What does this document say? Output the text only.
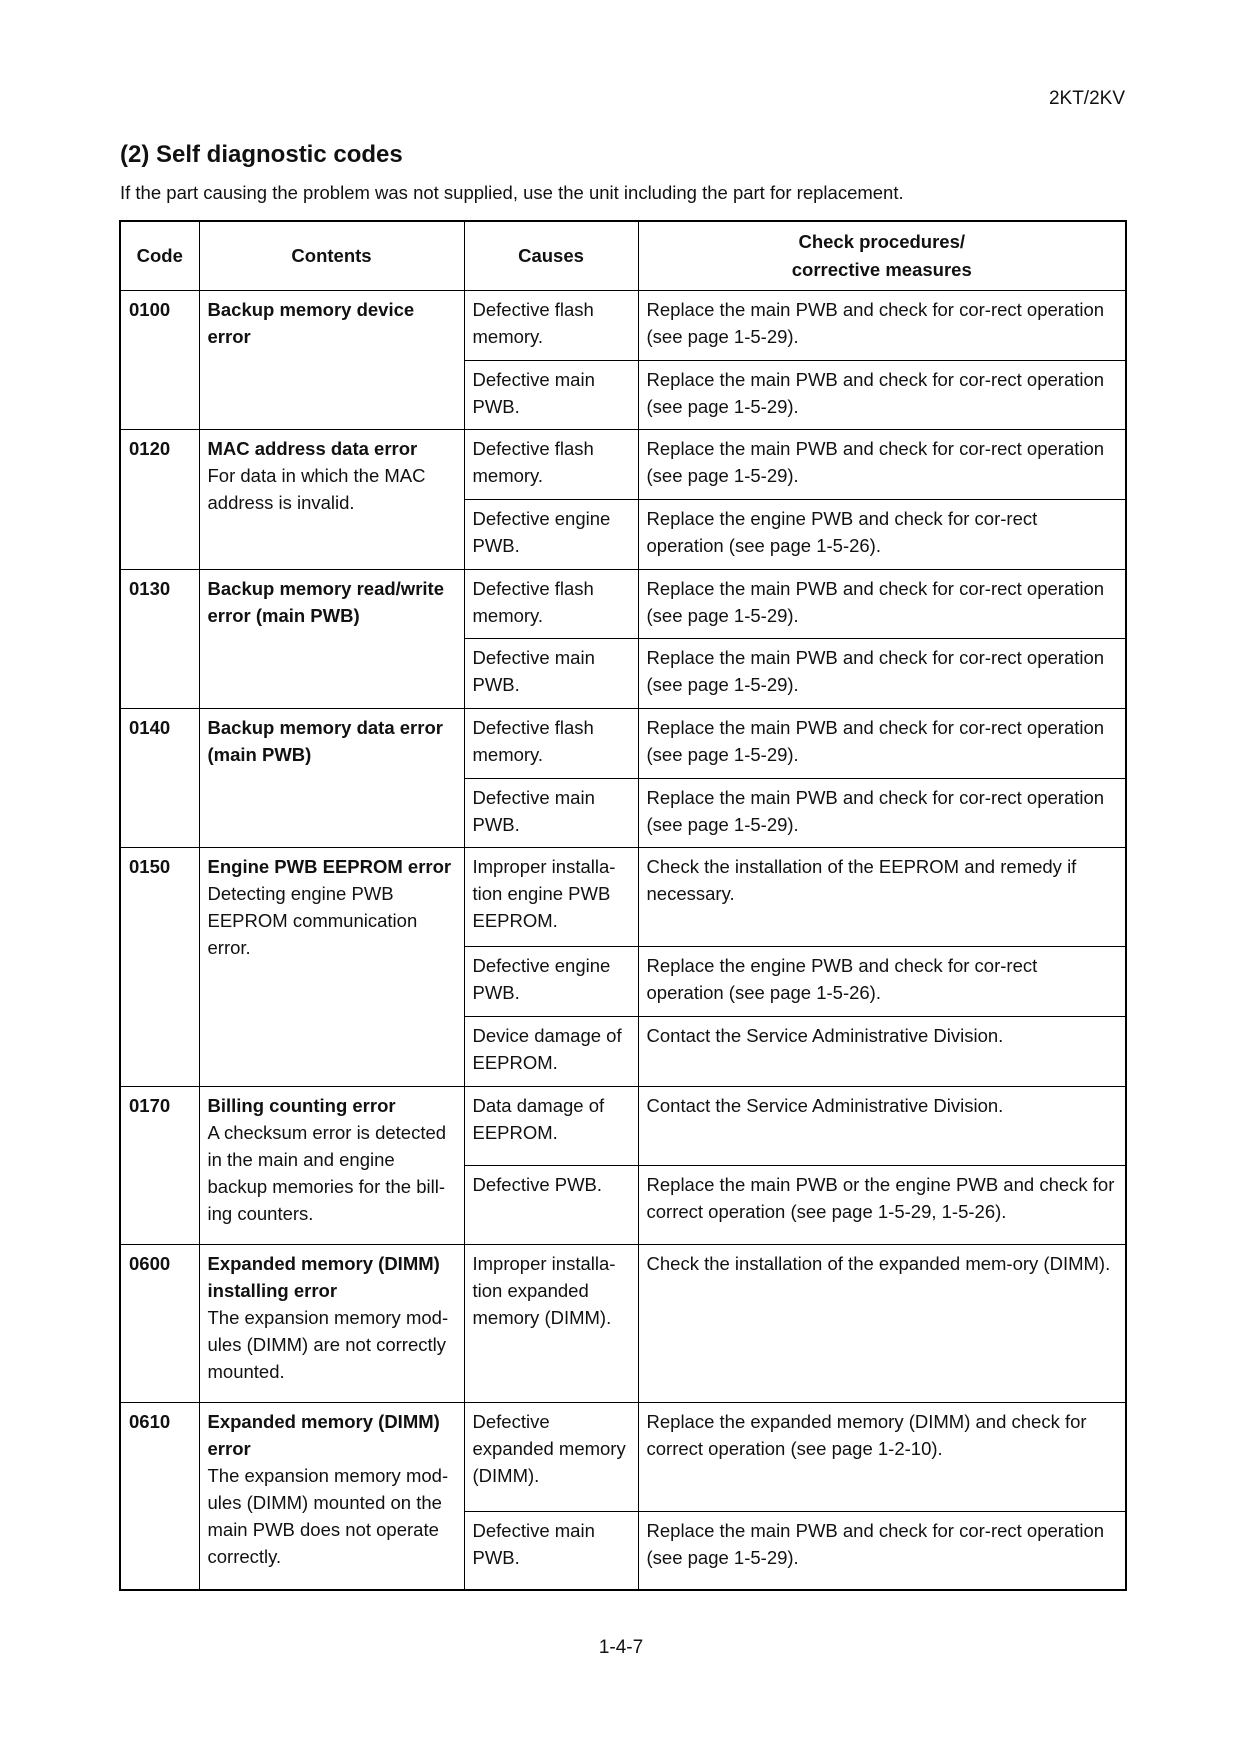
2KT/2KV
(2) Self diagnostic codes

If the part causing the problem was not supplied, use the unit including the part for replacement.

Code	Contents	Causes	Check procedures/
corrective measures
0100	Backup memory device error	Defective flash memory.	Replace the main PWB and check for cor-rect operation (see page 1-5-29).
		Defective main PWB.	Replace the main PWB and check for cor-rect operation (see page 1-5-29).
0120	MAC address data error
For data in which the MAC address is invalid.	Defective flash memory.	Replace the main PWB and check for cor-rect operation (see page 1-5-29).
		Defective engine PWB.	Replace the engine PWB and check for cor-rect operation (see page 1-5-26).
0130	Backup memory read/write error (main PWB)	Defective flash memory.	Replace the main PWB and check for cor-rect operation (see page 1-5-29).
		Defective main PWB.	Replace the main PWB and check for cor-rect operation (see page 1-5-29).
0140	Backup memory data error (main PWB)	Defective flash memory.	Replace the main PWB and check for cor-rect operation (see page 1-5-29).
		Defective main PWB.	Replace the main PWB and check for cor-rect operation (see page 1-5-29).
0150	Engine PWB EEPROM error
Detecting engine PWB EEPROM communication error.	Improper installa-tion engine PWB EEPROM.	Check the installation of the EEPROM and remedy if necessary.
		Defective engine PWB.	Replace the engine PWB and check for cor-rect operation (see page 1-5-26).
		Device damage of EEPROM.	Contact the Service Administrative Division.
0170	Billing counting error
A checksum error is detected in the main and engine backup memories for the bill-ing counters.	Data damage of EEPROM.	Contact the Service Administrative Division.
		Defective PWB.	Replace the main PWB or the engine PWB and check for correct operation (see page 1-5-29, 1-5-26).
0600	Expanded memory (DIMM) installing error
The expansion memory mod-ules (DIMM) are not correctly mounted.	Improper installa-tion expanded memory (DIMM).	Check the installation of the expanded mem-ory (DIMM).
0610	Expanded memory (DIMM) error
The expansion memory mod-ules (DIMM) mounted on the main PWB does not operate correctly.	Defective expanded memory (DIMM).	Replace the expanded memory (DIMM) and check for correct operation (see page 1-2-10).
		Defective main PWB.	Replace the main PWB and check for cor-rect operation (see page 1-5-29).
1-4-7
